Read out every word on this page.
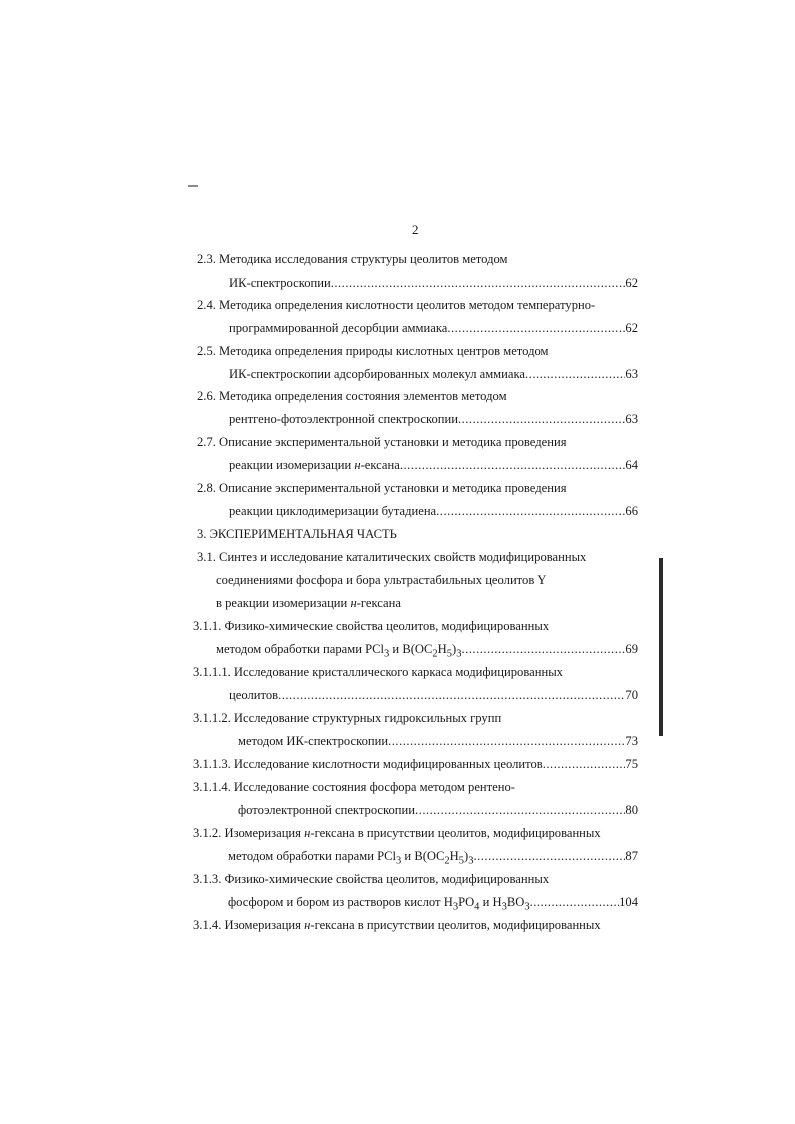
2
2.3. Методика исследования структуры цеолитов методом
ИК-спектроскопии .....	62
2.4. Методика определения кислотности цеолитов методом температурно-
программированной десорбции аммиака .....	62
2.5. Методика определения природы кислотных центров методом
ИК-спектроскопии адсорбированных молекул аммиака .....	63
2.6. Методика определения состояния элементов методом
рентгено-фотоэлектронной спектроскопии .....	63
2.7. Описание экспериментальной установки и методика проведения
реакции изомеризации н-ексана .....	64
2.8. Описание экспериментальной установки и методика проведения
реакции циклодимеризации бутадиена .....	66
3. ЭКСПЕРИМЕНТАЛЬНАЯ ЧАСТЬ
3.1. Синтез и исследование каталитических свойств модифицированных
соединениями фосфора и бора ультрастабильных цеолитов Y
в реакции изомеризации н-гексана
3.1.1. Физико-химические свойства цеолитов, модифицированных
методом обработки парами PCl$_3$ и $B(OC_2H_5)_3$ .....	69
3.1.1.1. Исследование кристаллического каркаса модифицированных
цеолитов .....	70
3.1.1.2. Исследование структурных гидроксильных групп
методом ИК-спектроскопии .....	73
3.1.1.3. Исследование кислотности модифицированных цеолитов .....	75
3.1.1.4. Исследование состояния фосфора методом рентено-
фотоэлектронной спектроскопии .....	80
3.1.2. Изомеризация н-гексана в присутствии цеолитов, модифицированных
методом обработки парами PCl$_3$ и $B(OC_2H_5)_3$ .....	87
3.1.3. Физико-химические свойства цеолитов, модифицированных
фосфором и бором из растворов кислот $H_3PO_4$ и $H_3BO_3$ .....	104
3.1.4. Изомеризация н-гексана в присутствии цеолитов, модифицированных
